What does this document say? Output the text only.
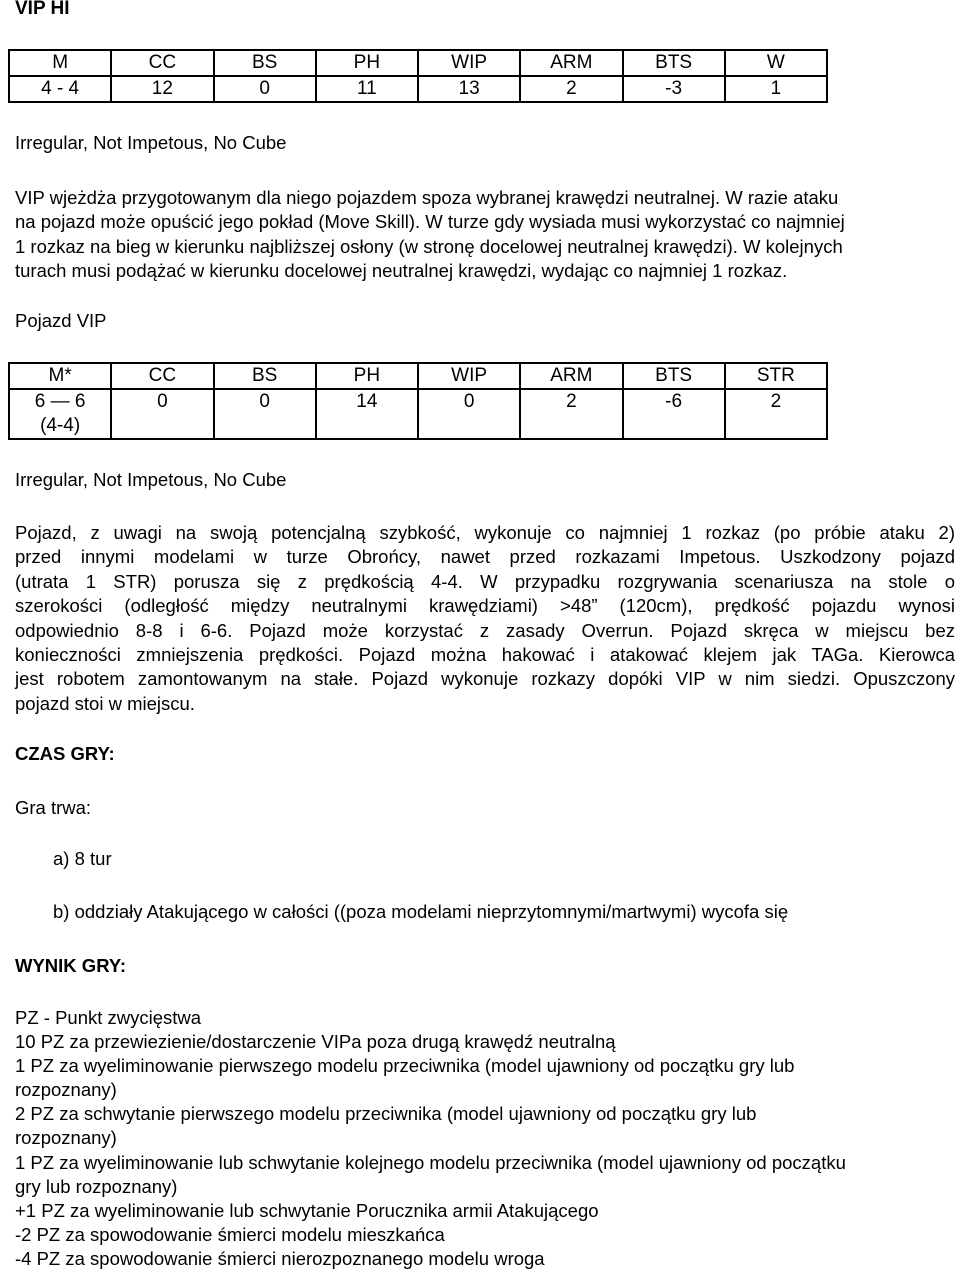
VIP HI
M	CC	BS	PH	WIP	ARM	BTS	W
4 - 4	12	0	11	13	2	-3	1
Irregular, Not Impetous, No Cube
VIP wjeżdża przygotowanym dla niego pojazdem spoza wybranej krawędzi neutralnej. W razie ataku
na pojazd może opuścić jego pokład (Move Skill). W turze gdy wysiada musi wykorzystać co najmniej
1 rozkaz na bieg w kierunku najbliższej osłony (w stronę docelowej neutralnej krawędzi). W kolejnych
turach musi podążać w kierunku docelowej neutralnej krawędzi, wydając co najmniej 1 rozkaz.
Pojazd VIP
M*	CC	BS	PH	WIP	ARM	BTS	STR
6 — 6 (4-4)	0	0	14	0	2	-6	2
Irregular, Not Impetous, No Cube
Pojazd, z uwagi na swoją potencjalną szybkość, wykonuje co najmniej 1 rozkaz (po próbie ataku 2)
przed innymi modelami w turze Obrońcy, nawet przed rozkazami Impetous. Uszkodzony pojazd
(utrata 1 STR) porusza się z prędkością 4-4. W przypadku rozgrywania scenariusza na stole o
szerokości (odległość między neutralnymi krawędziami) >48” (120cm), prędkość pojazdu wynosi
odpowiednio 8-8 i 6-6. Pojazd może korzystać z zasady Overrun. Pojazd skręca w miejscu bez
konieczności zmniejszenia prędkości. Pojazd można hakować i atakować klejem jak TAGa. Kierowca
jest robotem zamontowanym na stałe. Pojazd wykonuje rozkazy dopóki VIP w nim siedzi. Opuszczony
pojazd stoi w miejscu.
CZAS GRY:
Gra trwa:
a) 8 tur
b) oddziały Atakującego w całości ((poza modelami nieprzytomnymi/martwymi) wycofa się
WYNIK GRY:
PZ - Punkt zwycięstwa
10 PZ za przewiezienie/dostarczenie VIPa poza drugą krawędź neutralną
1 PZ za wyeliminowanie pierwszego modelu przeciwnika (model ujawniony od początku gry lub
rozpoznany)
2 PZ za schwytanie pierwszego modelu przeciwnika (model ujawniony od początku gry lub
rozpoznany)
1 PZ za wyeliminowanie lub schwytanie kolejnego modelu przeciwnika (model ujawniony od początku
gry lub rozpoznany)
+1 PZ za wyeliminowanie lub schwytanie Porucznika armii Atakującego
-2 PZ za spowodowanie śmierci modelu mieszkańca
-4 PZ za spowodowanie śmierci nierozpoznanego modelu wroga
